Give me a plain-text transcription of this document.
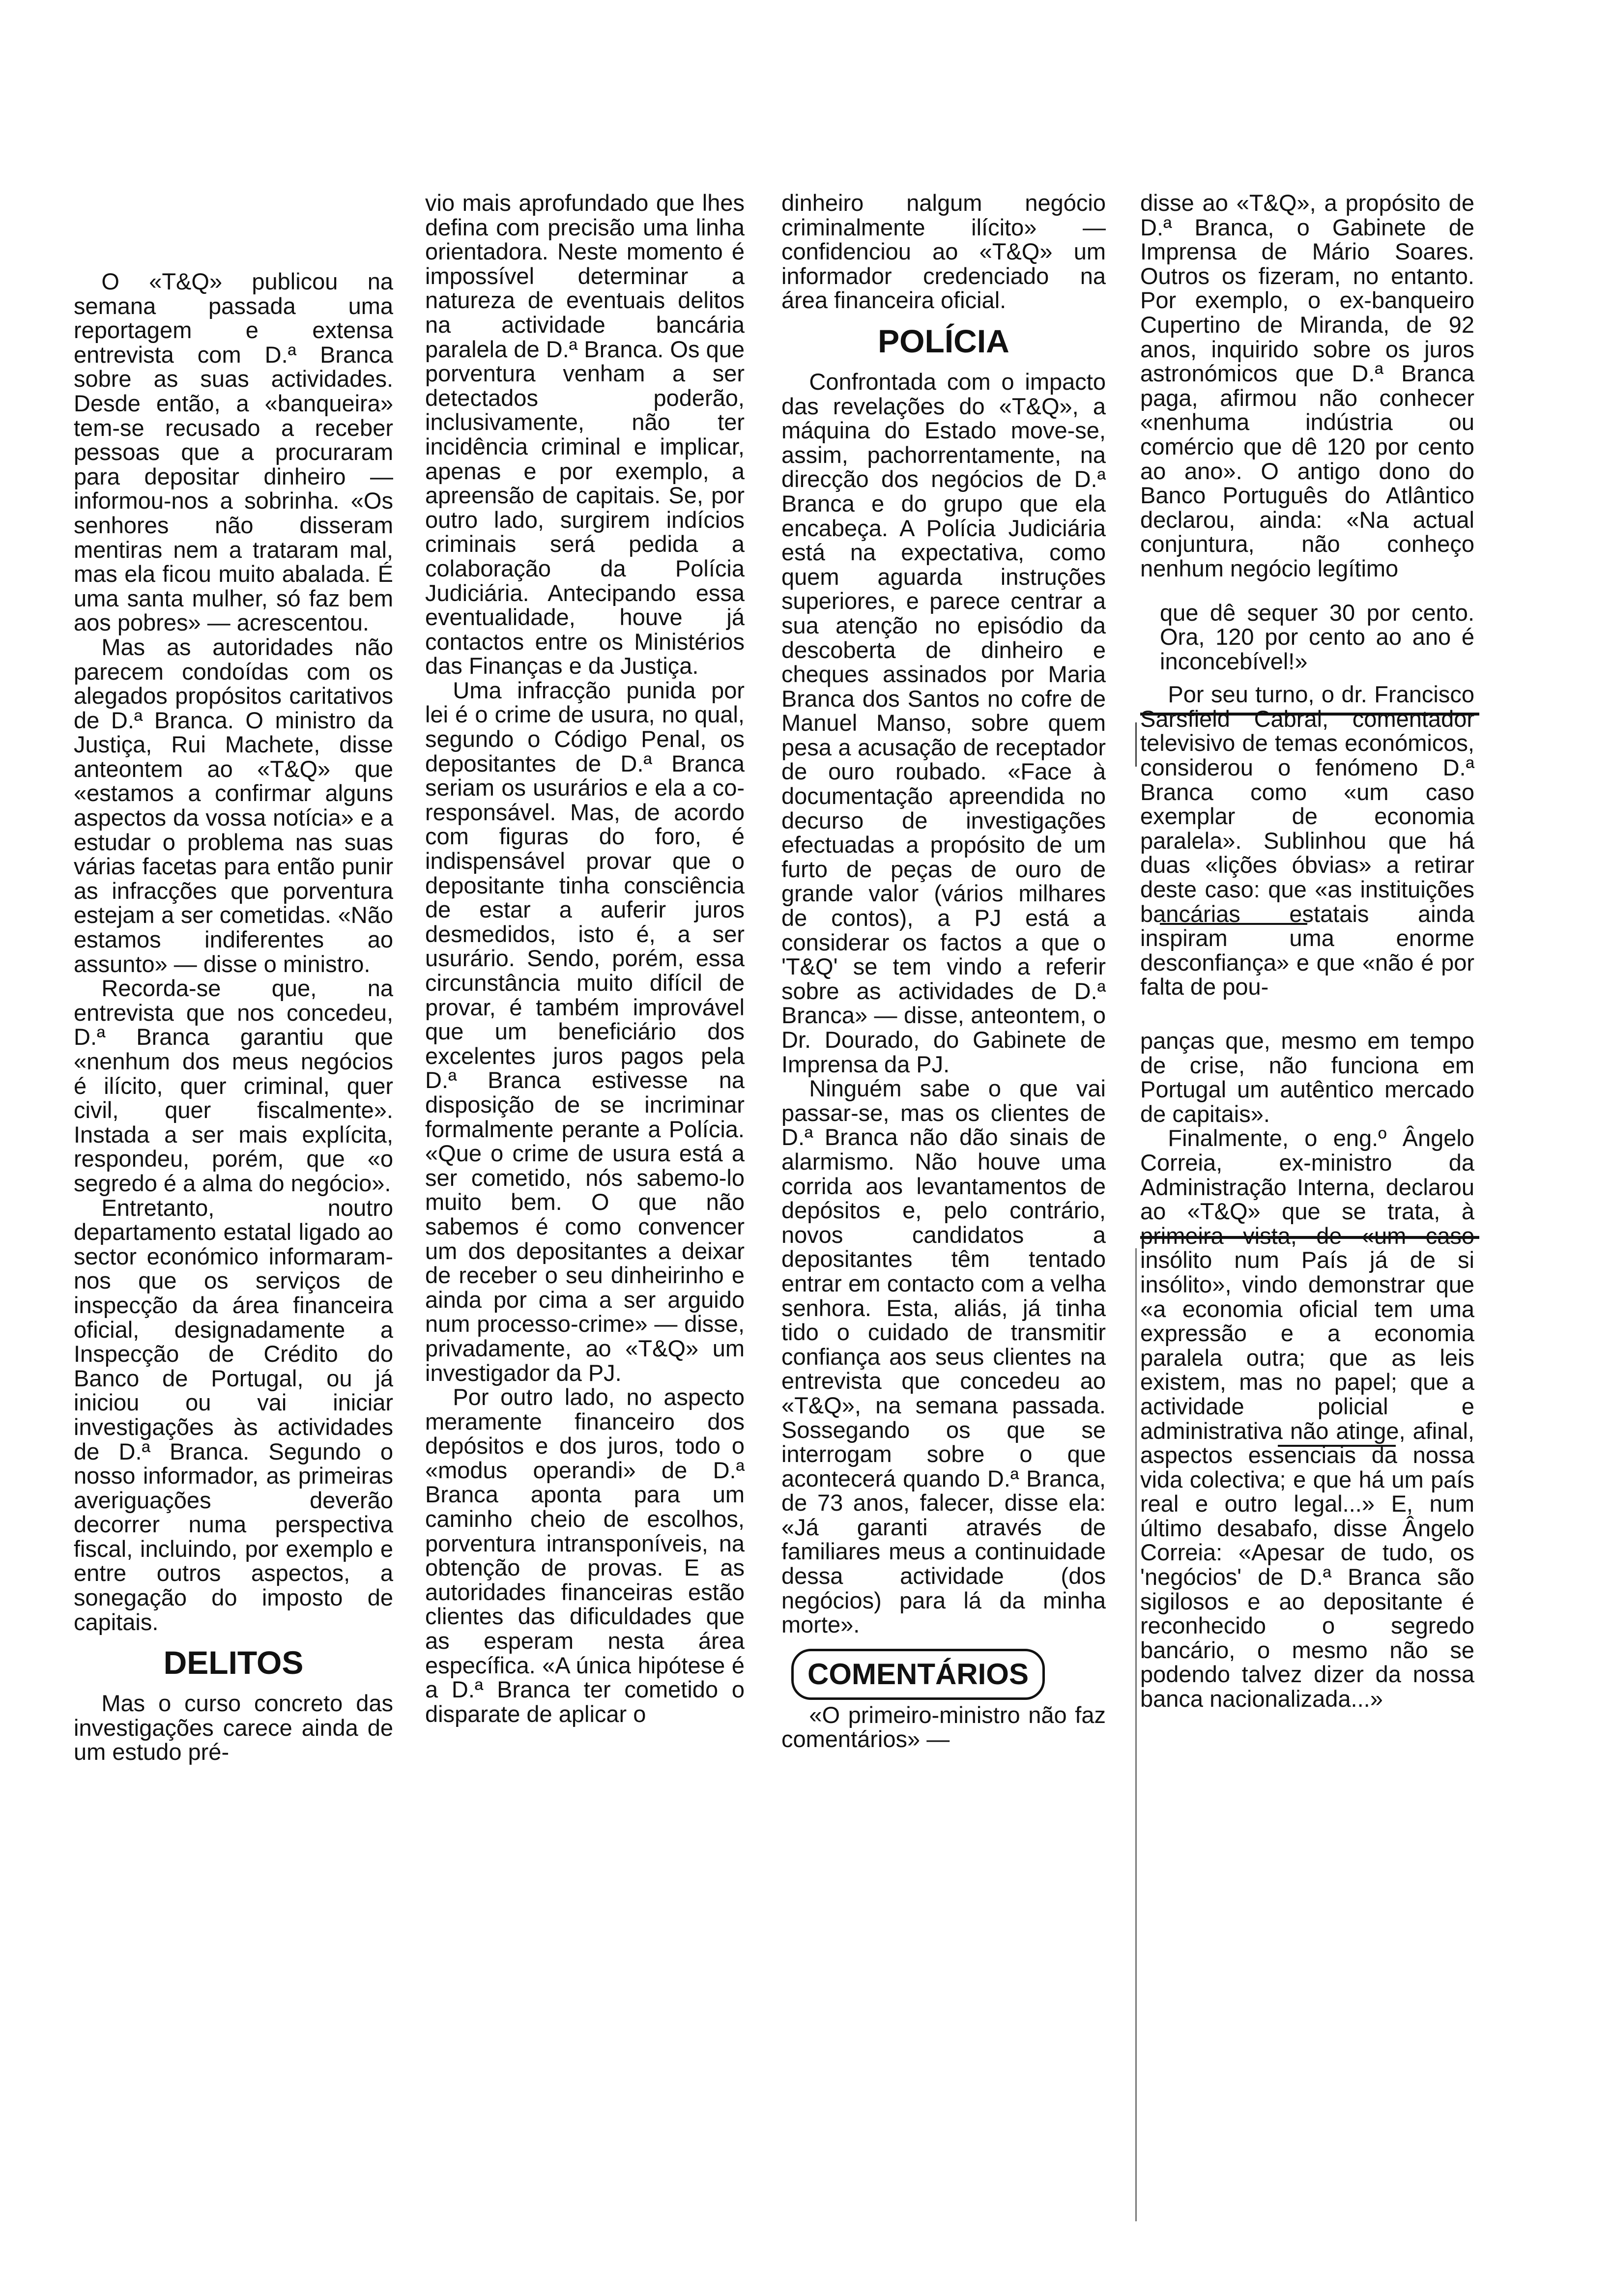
O «T&Q» publicou na semana passada uma reportagem e extensa entrevista com D.ª Branca sobre as suas actividades. Desde então, a «banqueira» tem-se recusado a receber pessoas que a procuraram para depositar dinheiro — informou-nos a sobrinha. «Os senhores não disseram mentiras nem a trataram mal, mas ela ficou muito abalada. É uma santa mulher, só faz bem aos pobres» — acrescentou.

Mas as autoridades não parecem condoídas com os alegados propósitos caritativos de D.ª Branca. O ministro da Justiça, Rui Machete, disse anteontem ao «T&Q» que «estamos a confirmar alguns aspectos da vossa notícia» e a estudar o problema nas suas várias facetas para então punir as infracções que porventura estejam a ser cometidas. «Não estamos indiferentes ao assunto» — disse o ministro.

Recorda-se que, na entrevista que nos concedeu, D.ª Branca garantiu que «nenhum dos meus negócios é ilícito, quer criminal, quer civil, quer fiscalmente». Instada a ser mais explícita, respondeu, porém, que «o segredo é a alma do negócio».

Entretanto, noutro departamento estatal ligado ao sector económico informaram-nos que os serviços de inspecção da área financeira oficial, designadamente a Inspecção de Crédito do Banco de Portugal, ou já iniciou ou vai iniciar investigações às actividades de D.ª Branca. Segundo o nosso informador, as primeiras averiguações deverão decorrer numa perspectiva fiscal, incluindo, por exemplo e entre outros aspectos, a sonegação do imposto de capitais.

DELITOS

Mas o curso concreto das investigações carece ainda de um estudo pré-

vio mais aprofundado que lhes defina com precisão uma linha orientadora. Neste momento é impossível determinar a natureza de eventuais delitos na actividade bancária paralela de D.ª Branca. Os que porventura venham a ser detectados poderão, inclusivamente, não ter incidência criminal e implicar, apenas e por exemplo, a apreensão de capitais. Se, por outro lado, surgirem indícios criminais será pedida a colaboração da Polícia Judiciária. Antecipando essa eventualidade, houve já contactos entre os Ministérios das Finanças e da Justiça.

Uma infracção punida por lei é o crime de usura, no qual, segundo o Código Penal, os depositantes de D.ª Branca seriam os usurários e ela a co-responsável. Mas, de acordo com figuras do foro, é indispensável provar que o depositante tinha consciência de estar a auferir juros desmedidos, isto é, a ser usurário. Sendo, porém, essa circunstância muito difícil de provar, é também improvável que um beneficiário dos excelentes juros pagos pela D.ª Branca estivesse na disposição de se incriminar formalmente perante a Polícia. «Que o crime de usura está a ser cometido, nós sabemo-lo muito bem. O que não sabemos é como convencer um dos depositantes a deixar de receber o seu dinheirinho e ainda por cima a ser arguido num processo-crime» — disse, privadamente, ao «T&Q» um investigador da PJ.

Por outro lado, no aspecto meramente financeiro dos depósitos e dos juros, todo o «modus operandi» de D.ª Branca aponta para um caminho cheio de escolhos, porventura intransponíveis, na obtenção de provas. E as autoridades financeiras estão clientes das dificuldades que as esperam nesta área específica. «A única hipótese é a D.ª Branca ter cometido o disparate de aplicar o

dinheiro nalgum negócio criminalmente ilícito» — confidenciou ao «T&Q» um informador credenciado na área financeira oficial.

POLÍCIA

Confrontada com o impacto das revelações do «T&Q», a máquina do Estado move-se, assim, pachorrentamente, na direcção dos negócios de D.ª Branca e do grupo que ela encabeça. A Polícia Judiciária está na expectativa, como quem aguarda instruções superiores, e parece centrar a sua atenção no episódio da descoberta de dinheiro e cheques assinados por Maria Branca dos Santos no cofre de Manuel Manso, sobre quem pesa a acusação de receptador de ouro roubado. «Face à documentação apreendida no decurso de investigações efectuadas a propósito de um furto de peças de ouro de grande valor (vários milhares de contos), a PJ está a considerar os factos a que o 'T&Q' se tem vindo a referir sobre as actividades de D.ª Branca» — disse, anteontem, o Dr. Dourado, do Gabinete de Imprensa da PJ.

Ninguém sabe o que vai passar-se, mas os clientes de D.ª Branca não dão sinais de alarmismo. Não houve uma corrida aos levantamentos de depósitos e, pelo contrário, novos candidatos a depositantes têm tentado entrar em contacto com a velha senhora. Esta, aliás, já tinha tido o cuidado de transmitir confiança aos seus clientes na entrevista que concedeu ao «T&Q», na semana passada. Sossegando os que se interrogam sobre o que acontecerá quando D.ª Branca, de 73 anos, falecer, disse ela: «Já garanti através de familiares meus a continuidade dessa actividade (dos negócios) para lá da minha morte».

COMENTÁRIOS

«O primeiro-ministro não faz comentários» —

disse ao «T&Q», a propósito de D.ª Branca, o Gabinete de Imprensa de Mário Soares. Outros os fizeram, no entanto. Por exemplo, o ex-banqueiro Cupertino de Miranda, de 92 anos, inquirido sobre os juros astronómicos que D.ª Branca paga, afirmou não conhecer «nenhuma indústria ou comércio que dê 120 por cento ao ano». O antigo dono do Banco Português do Atlântico declarou, ainda: «Na actual conjuntura, não conheço nenhum negócio legítimo

que dê sequer 30 por cento. Ora, 120 por cento ao ano é inconcebível!»

Por seu turno, o dr. Francisco Sarsfield Cabral, comentador televisivo de temas económicos, considerou o fenómeno D.ª Branca como «um caso exemplar de economia paralela». Sublinhou que há duas «lições óbvias» a retirar deste caso: que «as instituições bancárias estatais ainda inspiram uma enorme desconfiança» e que «não é por falta de pou-

panças que, mesmo em tempo de crise, não funciona em Portugal um autêntico mercado de capitais».

Finalmente, o eng.º Ângelo Correia, ex-ministro da Administração Interna, declarou ao «T&Q» que se trata, à primeira vista, de «um caso insólito num País já de si insólito», vindo demonstrar que «a economia oficial tem uma expressão e a economia paralela outra; que as leis existem, mas no papel; que a actividade policial e administrativa não atinge, afinal, aspectos essenciais da nossa vida colectiva; e que há um país real e outro legal...» E, num último desabafo, disse Ângelo Correia: «Apesar de tudo, os 'negócios' de D.ª Branca são sigilosos e ao depositante é reconhecido o segredo bancário, o mesmo não se podendo talvez dizer da nossa banca nacionalizada...»
